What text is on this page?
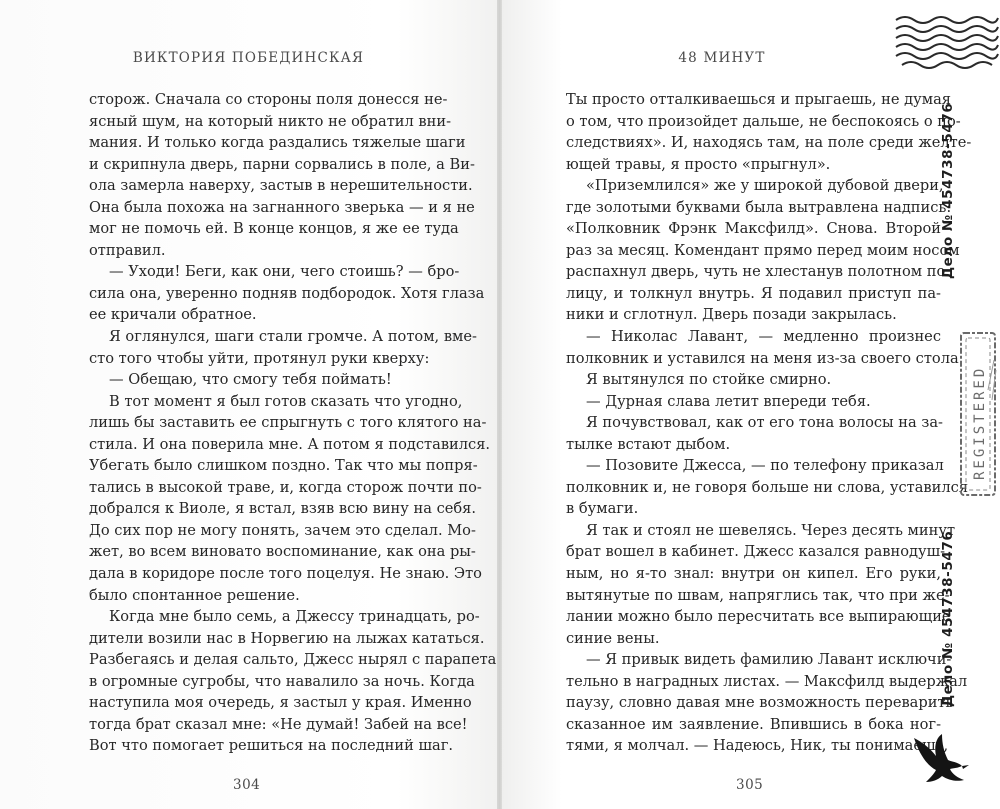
ВИКТОРИЯ ПОБЕДИНСКАЯ
сторож. Сначала со стороны поля донесся не-
ясный шум, на который никто не обратил вни-
мания. И только когда раздались тяжелые шаги
и скрипнула дверь, парни сорвались в поле, а Ви-
ола замерла наверху, застыв в нерешительности.
Она была похожа на загнанного зверька — и я не
мог не помочь ей. В конце концов, я же ее туда
отправил.
— Уходи! Беги, как они, чего стоишь? — бро-
сила она, уверенно подняв подбородок. Хотя глаза
ее кричали обратное.
Я оглянулся, шаги стали громче. А потом, вме-
сто того чтобы уйти, протянул руки кверху:
— Обещаю, что смогу тебя поймать!
В тот момент я был готов сказать что угодно,
лишь бы заставить ее спрыгнуть с того клятого на-
стила. И она поверила мне. А потом я подставился.
Убегать было слишком поздно. Так что мы попря-
тались в высокой траве, и, когда сторож почти по-
добрался к Виоле, я встал, взяв всю вину на себя.
До сих пор не могу понять, зачем это сделал. Мо-
жет, во всем виновато воспоминание, как она ры-
дала в коридоре после того поцелуя. Не знаю. Это
было спонтанное решение.
Когда мне было семь, а Джессу тринадцать, ро-
дители возили нас в Норвегию на лыжах кататься.
Разбегаясь и делая сальто, Джесс нырял с парапета
в огромные сугробы, что навалило за ночь. Когда
наступила моя очередь, я застыл у края. Именно
тогда брат сказал мне: «Не думай! Забей на все!
Вот что помогает решиться на последний шаг.
304
48 МИНУТ
Ты просто отталкиваешься и прыгаешь, не думая
о том, что произойдет дальше, не беспокоясь о по-
следствиях». И, находясь там, на поле среди желте-
ющей травы, я просто «прыгнул».
«Приземлился» же у широкой дубовой двери,
где золотыми буквами была вытравлена надпись:
«Полковник Фрэнк Максфилд». Снова. Второй
раз за месяц. Комендант прямо перед моим носом
распахнул дверь, чуть не хлестанув полотном по
лицу, и толкнул внутрь. Я подавил приступ па-
ники и сглотнул. Дверь позади закрылась.
— Николас Лавант, — медленно произнес
полковник и уставился на меня из-за своего стола.
Я вытянулся по стойке смирно.
— Дурная слава летит впереди тебя.
Я почувствовал, как от его тона волосы на за-
тылке встают дыбом.
— Позовите Джесса, — по телефону приказал
полковник и, не говоря больше ни слова, уставился
в бумаги.
Я так и стоял не шевелясь. Через десять минут
брат вошел в кабинет. Джесс казался равнодуш-
ным, но я-то знал: внутри он кипел. Его руки,
вытянутые по швам, напряглись так, что при же-
лании можно было пересчитать все выпирающие
синие вены.
— Я привык видеть фамилию Лавант исключи-
тельно в наградных листах. — Максфилд выдержал
паузу, словно давая мне возможность переварить
сказанное им заявление. Впившись в бока ног-
тями, я молчал. — Надеюсь, Ник, ты понимаешь,
305
Дело № 454738-5476
REGISTERED
Дело № 454738-5476
